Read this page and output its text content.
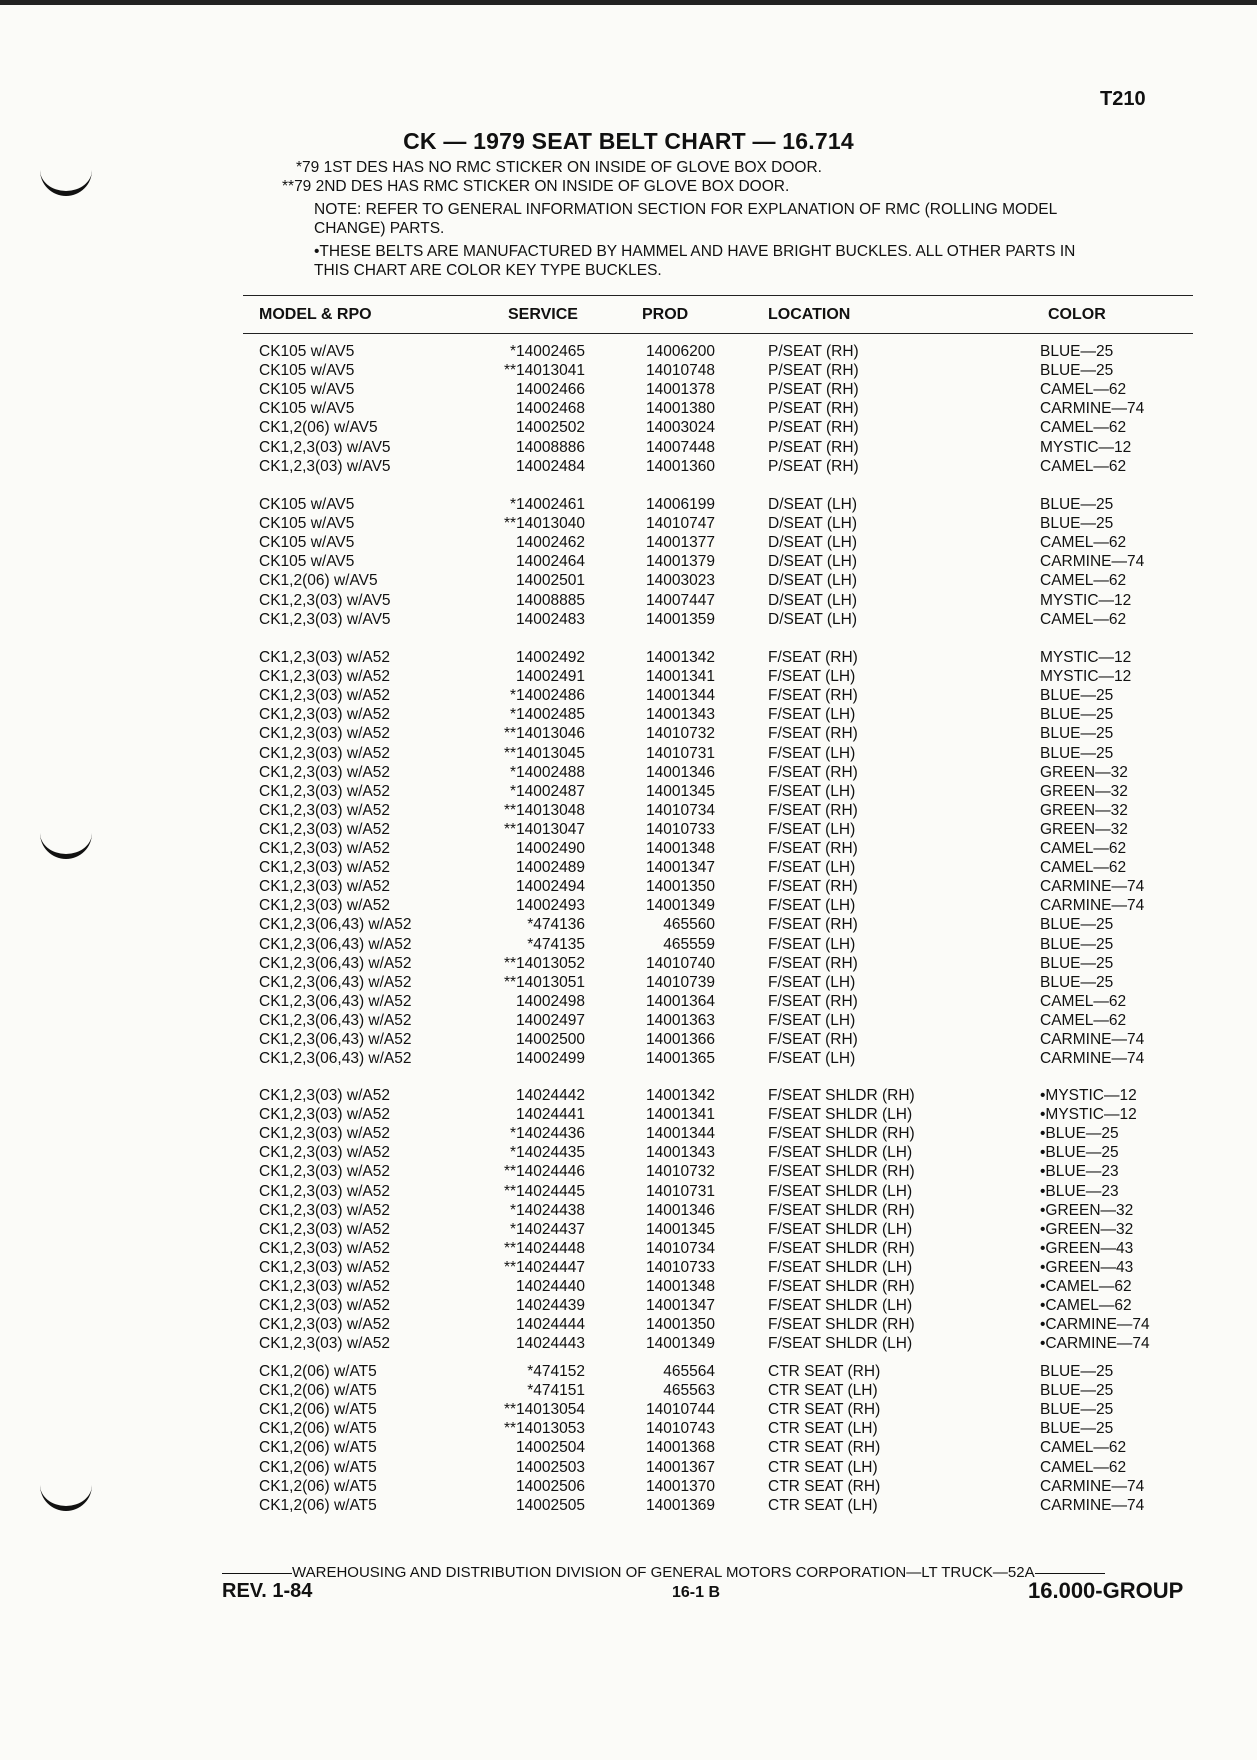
T210
CK — 1979 SEAT BELT CHART — 16.714
*79 1ST DES HAS NO RMC STICKER ON INSIDE OF GLOVE BOX DOOR.
**79 2ND DES HAS RMC STICKER ON INSIDE OF GLOVE BOX DOOR.
NOTE: REFER TO GENERAL INFORMATION SECTION FOR EXPLANATION OF RMC (ROLLING MODEL CHANGE) PARTS.
•THESE BELTS ARE MANUFACTURED BY HAMMEL AND HAVE BRIGHT BUCKLES. ALL OTHER PARTS IN THIS CHART ARE COLOR KEY TYPE BUCKLES.
MODEL & RPO	SERVICE	PROD	LOCATION	COLOR
CK105 w/AV5	*14002465	14006200	P/SEAT (RH)	BLUE—25
CK105 w/AV5	**14013041	14010748	P/SEAT (RH)	BLUE—25
CK105 w/AV5	14002466	14001378	P/SEAT (RH)	CAMEL—62
CK105 w/AV5	14002468	14001380	P/SEAT (RH)	CARMINE—74
CK1,2(06) w/AV5	14002502	14003024	P/SEAT (RH)	CAMEL—62
CK1,2,3(03) w/AV5	14008886	14007448	P/SEAT (RH)	MYSTIC—12
CK1,2,3(03) w/AV5	14002484	14001360	P/SEAT (RH)	CAMEL—62
CK105 w/AV5	*14002461	14006199	D/SEAT (LH)	BLUE—25
CK105 w/AV5	**14013040	14010747	D/SEAT (LH)	BLUE—25
CK105 w/AV5	14002462	14001377	D/SEAT (LH)	CAMEL—62
CK105 w/AV5	14002464	14001379	D/SEAT (LH)	CARMINE—74
CK1,2(06) w/AV5	14002501	14003023	D/SEAT (LH)	CAMEL—62
CK1,2,3(03) w/AV5	14008885	14007447	D/SEAT (LH)	MYSTIC—12
CK1,2,3(03) w/AV5	14002483	14001359	D/SEAT (LH)	CAMEL—62
CK1,2,3(03) w/A52	14002492	14001342	F/SEAT (RH)	MYSTIC—12
CK1,2,3(03) w/A52	14002491	14001341	F/SEAT (LH)	MYSTIC—12
CK1,2,3(03) w/A52	*14002486	14001344	F/SEAT (RH)	BLUE—25
CK1,2,3(03) w/A52	*14002485	14001343	F/SEAT (LH)	BLUE—25
CK1,2,3(03) w/A52	**14013046	14010732	F/SEAT (RH)	BLUE—25
CK1,2,3(03) w/A52	**14013045	14010731	F/SEAT (LH)	BLUE—25
CK1,2,3(03) w/A52	*14002488	14001346	F/SEAT (RH)	GREEN—32
CK1,2,3(03) w/A52	*14002487	14001345	F/SEAT (LH)	GREEN—32
CK1,2,3(03) w/A52	**14013048	14010734	F/SEAT (RH)	GREEN—32
CK1,2,3(03) w/A52	**14013047	14010733	F/SEAT (LH)	GREEN—32
CK1,2,3(03) w/A52	14002490	14001348	F/SEAT (RH)	CAMEL—62
CK1,2,3(03) w/A52	14002489	14001347	F/SEAT (LH)	CAMEL—62
CK1,2,3(03) w/A52	14002494	14001350	F/SEAT (RH)	CARMINE—74
CK1,2,3(03) w/A52	14002493	14001349	F/SEAT (LH)	CARMINE—74
CK1,2,3(06,43) w/A52	*474136	465560	F/SEAT (RH)	BLUE—25
CK1,2,3(06,43) w/A52	*474135	465559	F/SEAT (LH)	BLUE—25
CK1,2,3(06,43) w/A52	**14013052	14010740	F/SEAT (RH)	BLUE—25
CK1,2,3(06,43) w/A52	**14013051	14010739	F/SEAT (LH)	BLUE—25
CK1,2,3(06,43) w/A52	14002498	14001364	F/SEAT (RH)	CAMEL—62
CK1,2,3(06,43) w/A52	14002497	14001363	F/SEAT (LH)	CAMEL—62
CK1,2,3(06,43) w/A52	14002500	14001366	F/SEAT (RH)	CARMINE—74
CK1,2,3(06,43) w/A52	14002499	14001365	F/SEAT (LH)	CARMINE—74
CK1,2,3(03) w/A52	14024442	14001342	F/SEAT SHLDR (RH)	•MYSTIC—12
CK1,2,3(03) w/A52	14024441	14001341	F/SEAT SHLDR (LH)	•MYSTIC—12
CK1,2,3(03) w/A52	*14024436	14001344	F/SEAT SHLDR (RH)	•BLUE—25
CK1,2,3(03) w/A52	*14024435	14001343	F/SEAT SHLDR (LH)	•BLUE—25
CK1,2,3(03) w/A52	**14024446	14010732	F/SEAT SHLDR (RH)	•BLUE—23
CK1,2,3(03) w/A52	**14024445	14010731	F/SEAT SHLDR (LH)	•BLUE—23
CK1,2,3(03) w/A52	*14024438	14001346	F/SEAT SHLDR (RH)	•GREEN—32
CK1,2,3(03) w/A52	*14024437	14001345	F/SEAT SHLDR (LH)	•GREEN—32
CK1,2,3(03) w/A52	**14024448	14010734	F/SEAT SHLDR (RH)	•GREEN—43
CK1,2,3(03) w/A52	**14024447	14010733	F/SEAT SHLDR (LH)	•GREEN—43
CK1,2,3(03) w/A52	14024440	14001348	F/SEAT SHLDR (RH)	•CAMEL—62
CK1,2,3(03) w/A52	14024439	14001347	F/SEAT SHLDR (LH)	•CAMEL—62
CK1,2,3(03) w/A52	14024444	14001350	F/SEAT SHLDR (RH)	•CARMINE—74
CK1,2,3(03) w/A52	14024443	14001349	F/SEAT SHLDR (LH)	•CARMINE—74
CK1,2(06) w/AT5	*474152	465564	CTR SEAT (RH)	BLUE—25
CK1,2(06) w/AT5	*474151	465563	CTR SEAT (LH)	BLUE—25
CK1,2(06) w/AT5	**14013054	14010744	CTR SEAT (RH)	BLUE—25
CK1,2(06) w/AT5	**14013053	14010743	CTR SEAT (LH)	BLUE—25
CK1,2(06) w/AT5	14002504	14001368	CTR SEAT (RH)	CAMEL—62
CK1,2(06) w/AT5	14002503	14001367	CTR SEAT (LH)	CAMEL—62
CK1,2(06) w/AT5	14002506	14001370	CTR SEAT (RH)	CARMINE—74
CK1,2(06) w/AT5	14002505	14001369	CTR SEAT (LH)	CARMINE—74
WAREHOUSING AND DISTRIBUTION DIVISION OF GENERAL MOTORS CORPORATION—LT TRUCK—52A
REV. 1-84	16-1 B	16.000-GROUP
